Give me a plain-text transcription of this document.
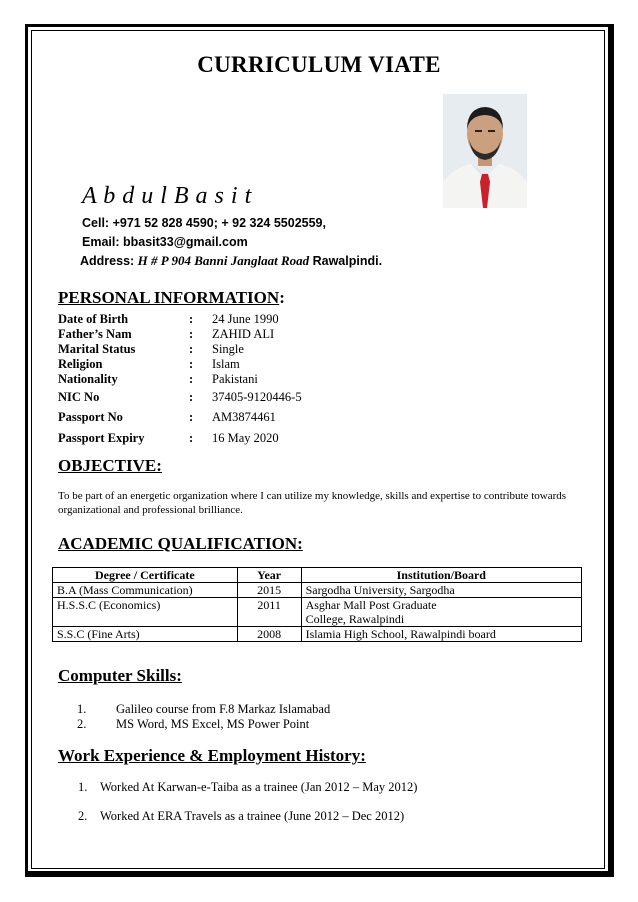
CURRICULUM VIATE
A b d u l B a s i t
Cell: +971 52 828 4590; + 92 324 5502559,
Email: bbasit33@gmail.com
Address: H # P 904 Banni Janglaat Road Rawalpindi.
PERSONAL INFORMATION:
Date of Birth	: 24 June 1990
Father’s Nam	: ZAHID ALI
Marital Status	: Single
Religion	: Islam
Nationality	: Pakistani
NIC No	: 37405-9120446-5
Passport No	: AM3874461
Passport Expiry	: 16 May 2020
OBJECTIVE:
To be part of an energetic organization where I can utilize my knowledge, skills and expertise to contribute towards organizational and professional brilliance.
ACADEMIC QUALIFICATION:
Degree / Certificate	Year	Institution/Board
B.A (Mass Communication)	2015	Sargodha University, Sargodha
H.S.S.C (Economics)	2011	Asghar Mall Post Graduate
College, Rawalpindi

S.S.C (Fine Arts)	2008	Islamia High School, Rawalpindi board
Computer Skills:
1. Galileo course from F.8 Markaz Islamabad
2. MS Word, MS Excel, MS Power Point
Work Experience & Employment History:
1. Worked At Karwan-e-Taiba as a trainee (Jan 2012 – May 2012)
2. Worked At ERA Travels as a trainee (June 2012 – Dec 2012)
